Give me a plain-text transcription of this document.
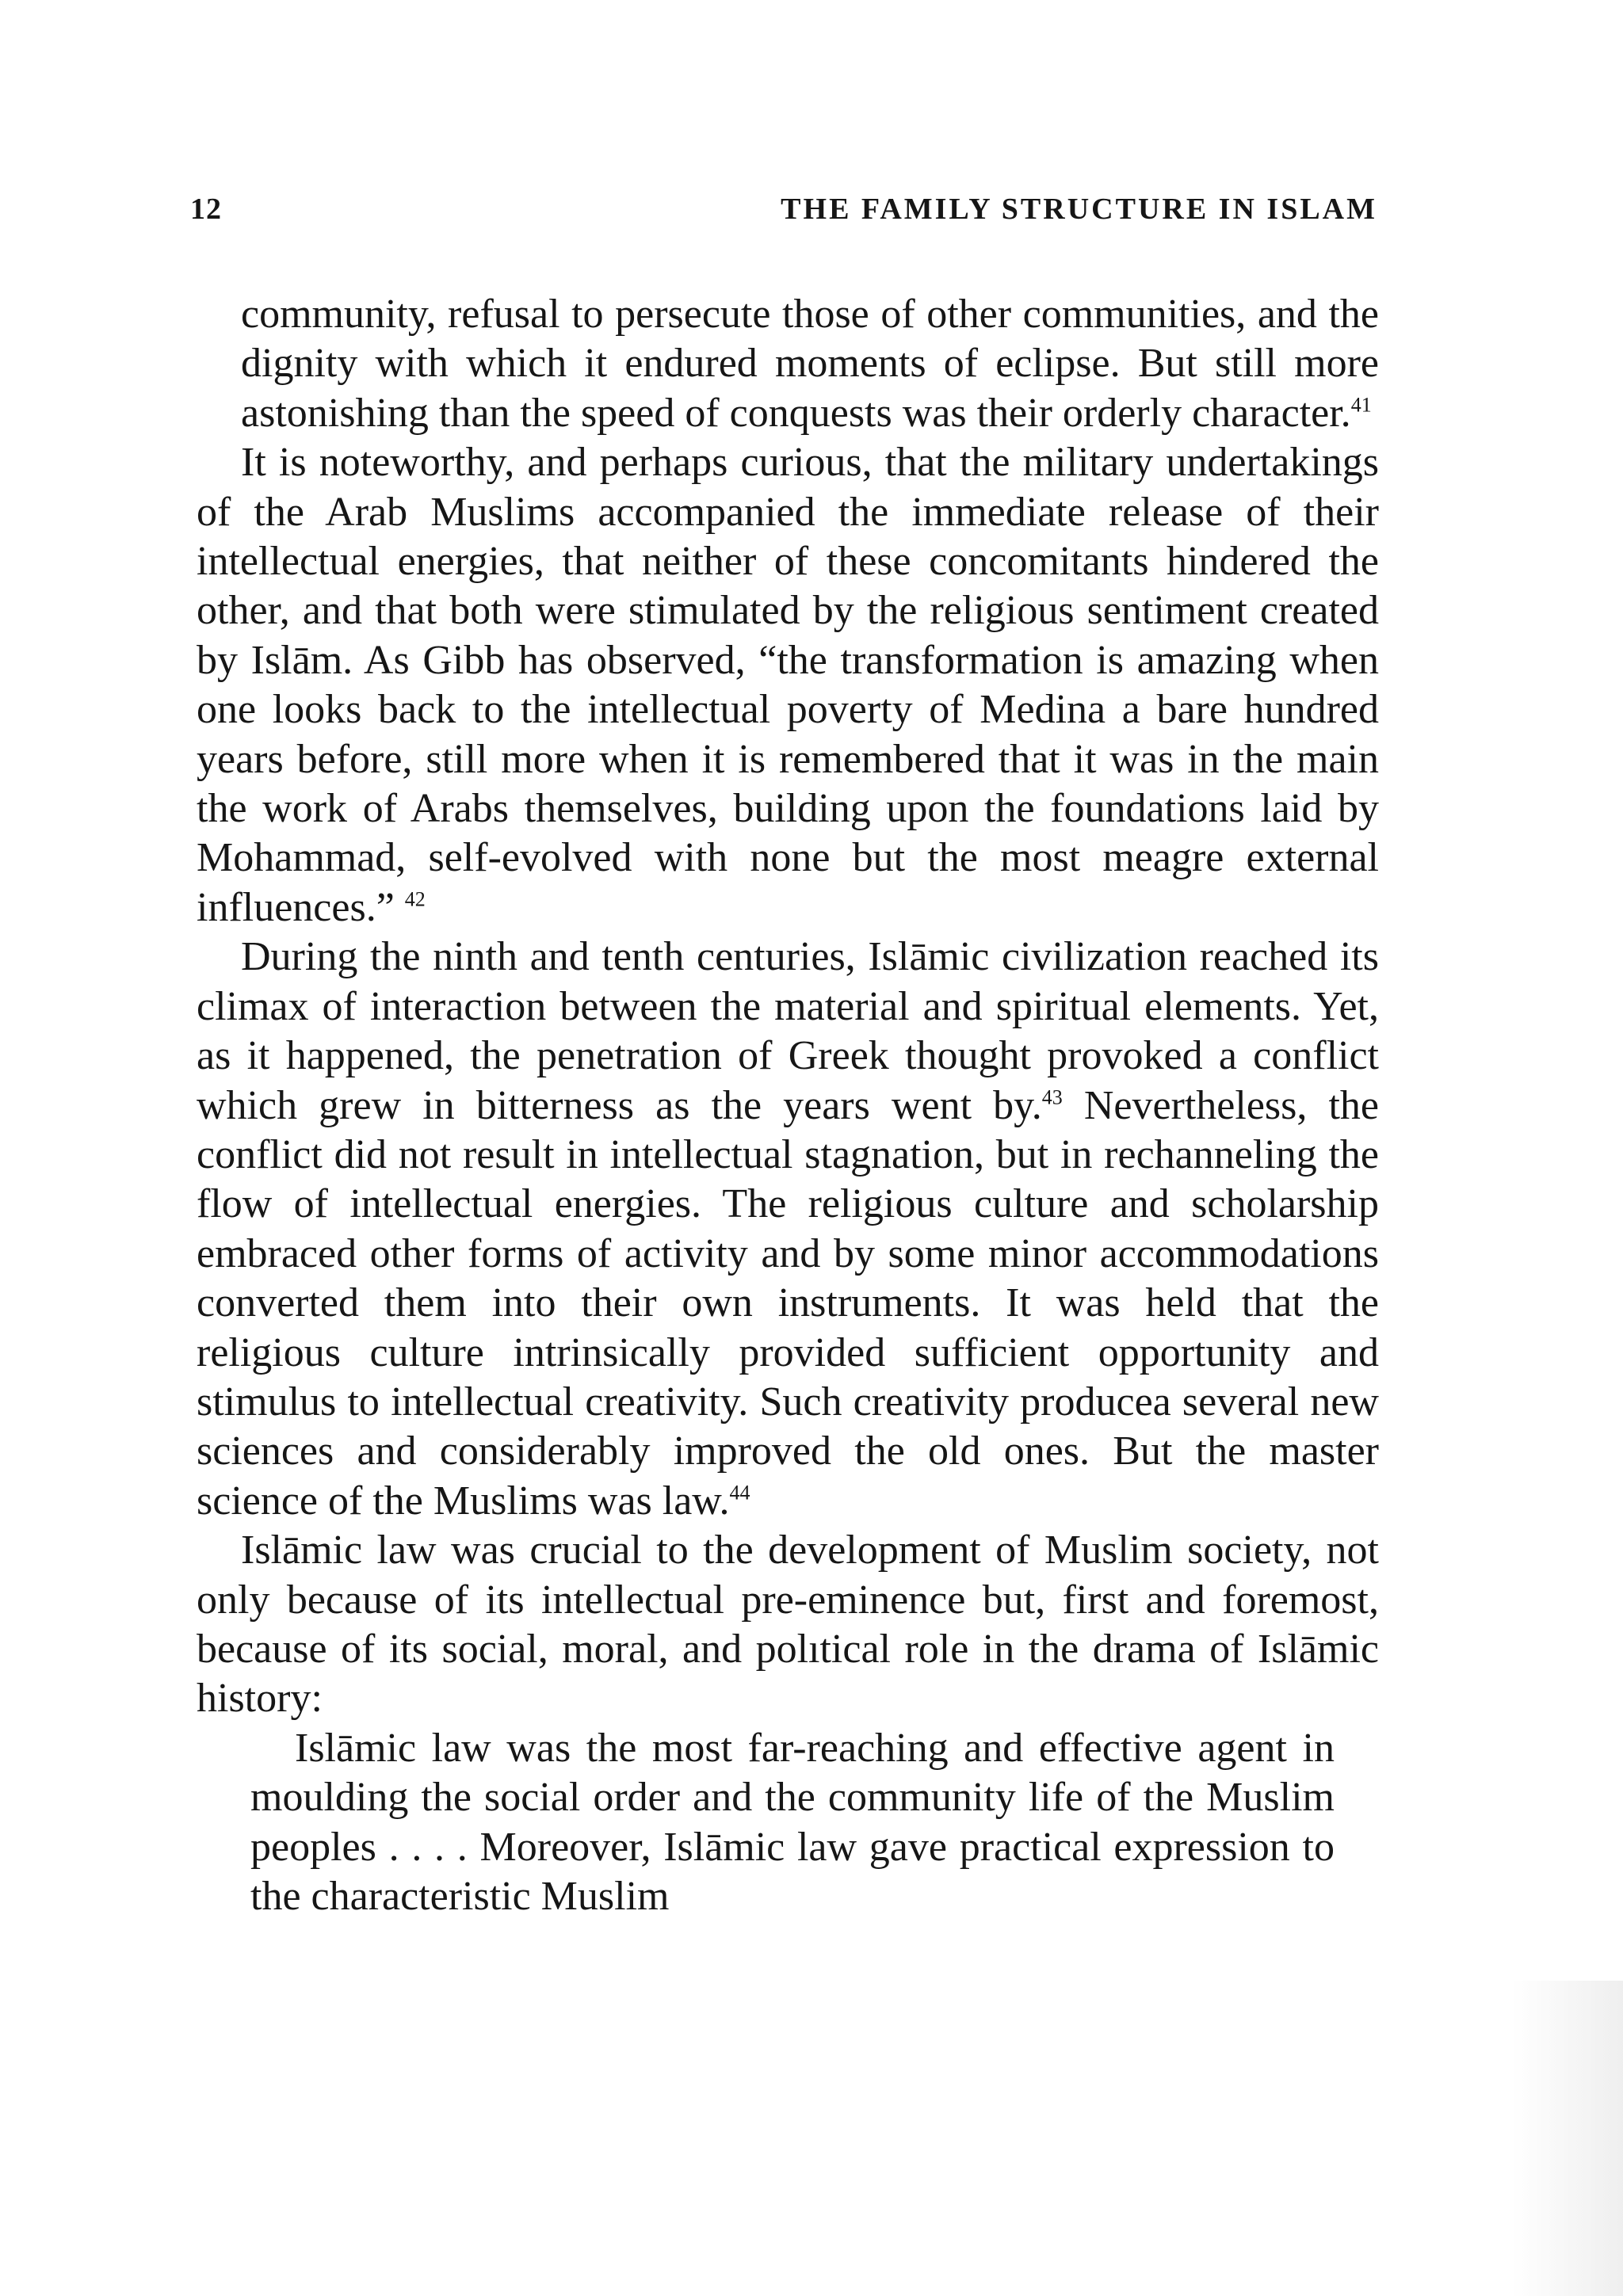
12	THE FAMILY STRUCTURE IN ISLAM

community, refusal to persecute those of other communities, and the dignity with which it endured moments of eclipse. But still more astonishing than the speed of conquests was their orderly character.$^{41}$

It is noteworthy, and perhaps curious, that the military undertakings of the Arab Muslims accompanied the immediate release of their intellectual energies, that neither of these concomitants hindered the other, and that both were stimulated by the religious sentiment created by Islām. As Gibb has observed, “the transformation is amazing when one looks back to the intellectual poverty of Medina a bare hundred years before, still more when it is remembered that it was in the main the work of Arabs themselves, building upon the foundations laid by Mohammad, self-evolved with none but the most meagre external influences.” $^{42}$

During the ninth and tenth centuries, Islāmic civilization reached its climax of interaction between the material and spiritual elements. Yet, as it happened, the penetration of Greek thought provoked a conflict which grew in bitterness as the years went by.$^{43}$ Nevertheless, the conflict did not result in intellectual stagnation, but in rechanneling the flow of intellectual energies. The religious culture and scholarship embraced other forms of activity and by some minor accommodations converted them into their own instruments. It was held that the religious culture intrinsically provided sufficient opportunity and stimulus to intellectual creativity. Such creativity producea several new sciences and considerably improved the old ones. But the master science of the Muslims was law.$^{44}$

Islāmic law was crucial to the development of Muslim society, not only because of its intellectual pre-eminence but, first and foremost, because of its social, moral, and polıtical role in the drama of Islāmic history:

Islāmic law was the most far-reaching and effective agent in moulding the social order and the community life of the Muslim peoples . . . . Moreover, Islāmic law gave practical expression to the characteristic Muslim
